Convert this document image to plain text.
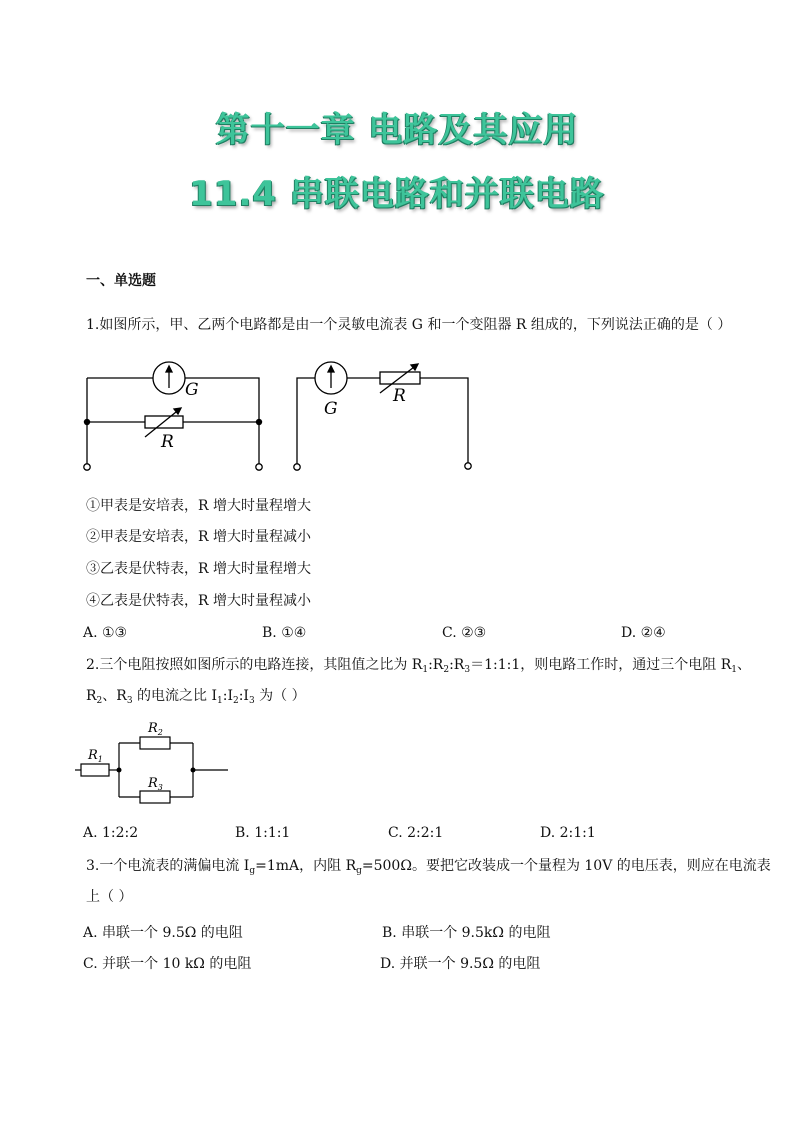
第十一章 电路及其应用
11.4 串联电路和并联电路
一、单选题
1.如图所示，甲、乙两个电路都是由一个灵敏电流表 G 和一个变阻器 R 组成的，下列说法正确的是（ ）
G
R
G
R
①甲表是安培表，R 增大时量程增大
②甲表是安培表，R 增大时量程减小
③乙表是伏特表，R 增大时量程增大
④乙表是伏特表，R 增大时量程减小
A. ①③	B. ①④	C. ②③	D. ②④
2.三个电阻按照如图所示的电路连接，其阻值之比为 $R_1:R_2:R_3=1:1:1$，则电路工作时，通过三个电阻 $R_1$、
$R_2$、$R_3$ 的电流之比 $I_1:I_2:I_3$ 为（ ）
$R_1$
$R_2$
$R_3$
A. 1:2:2	B. 1:1:1	C. 2:2:1	D. 2:1:1
3.一个电流表的满偏电流 $I_g=1mA$，内阻 $R_g=500\Omega$。要把它改装成一个量程为 10V 的电压表，则应在电流表
上（ ）
A. 串联一个 9.5Ω 的电阻	B. 串联一个 9.5kΩ 的电阻
C. 并联一个 10 kΩ 的电阻	D. 并联一个 9.5Ω 的电阻
